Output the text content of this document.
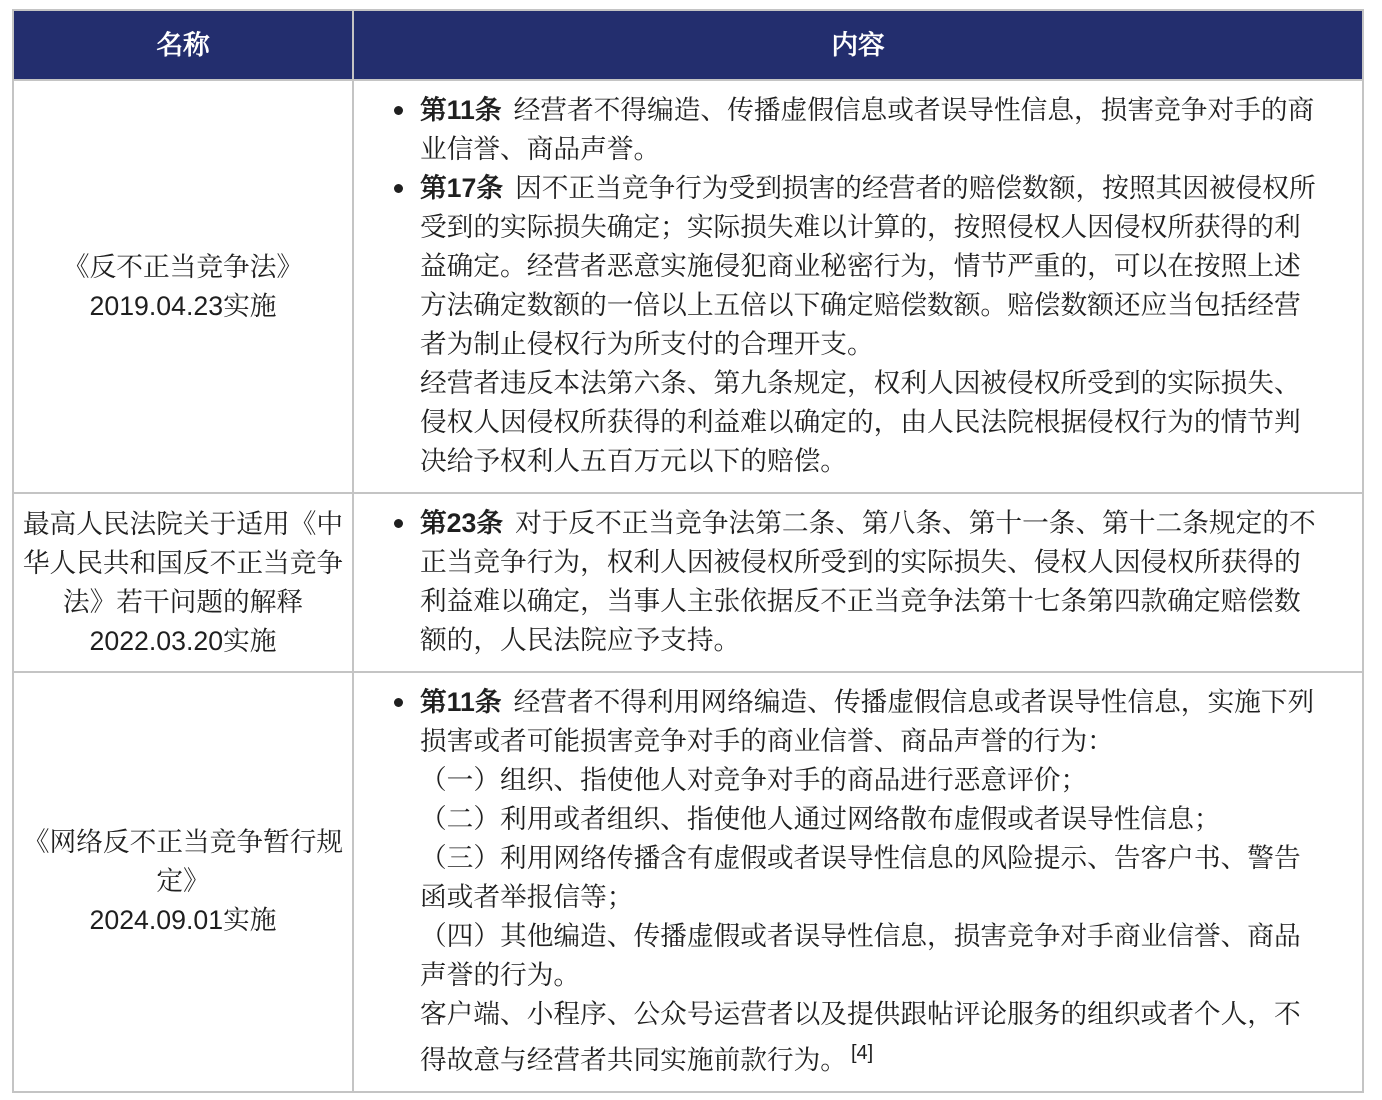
名称	内容
《反不正当竞争法》
2019.04.23实施
第11条 经营者不得编造、传播虚假信息或者误导性信息，损害竞争对手的商业信誉、商品声誉。
第17条 因不正当竞争行为受到损害的经营者的赔偿数额，按照其因被侵权所受到的实际损失确定；实际损失难以计算的，按照侵权人因侵权所获得的利益确定。经营者恶意实施侵犯商业秘密行为，情节严重的，可以在按照上述方法确定数额的一倍以上五倍以下确定赔偿数额。赔偿数额还应当包括经营者为制止侵权行为所支付的合理开支。
经营者违反本法第六条、第九条规定，权利人因被侵权所受到的实际损失、侵权人因侵权所获得的利益难以确定的，由人民法院根据侵权行为的情节判决给予权利人五百万元以下的赔偿。
最高人民法院关于适用《中华人民共和国反不正当竞争法》若干问题的解释
2022.03.20实施
第23条 对于反不正当竞争法第二条、第八条、第十一条、第十二条规定的不正当竞争行为，权利人因被侵权所受到的实际损失、侵权人因侵权所获得的利益难以确定，当事人主张依据反不正当竞争法第十七条第四款确定赔偿数额的，人民法院应予支持。
《网络反不正当竞争暂行规定》
2024.09.01实施
第11条 经营者不得利用网络编造、传播虚假信息或者误导性信息，实施下列损害或者可能损害竞争对手的商业信誉、商品声誉的行为：
（一）组织、指使他人对竞争对手的商品进行恶意评价；
（二）利用或者组织、指使他人通过网络散布虚假或者误导性信息；
（三）利用网络传播含有虚假或者误导性信息的风险提示、告客户书、警告函或者举报信等；
（四）其他编造、传播虚假或者误导性信息，损害竞争对手商业信誉、商品声誉的行为。
客户端、小程序、公众号运营者以及提供跟帖评论服务的组织或者个人，不得故意与经营者共同实施前款行为。 [4]
